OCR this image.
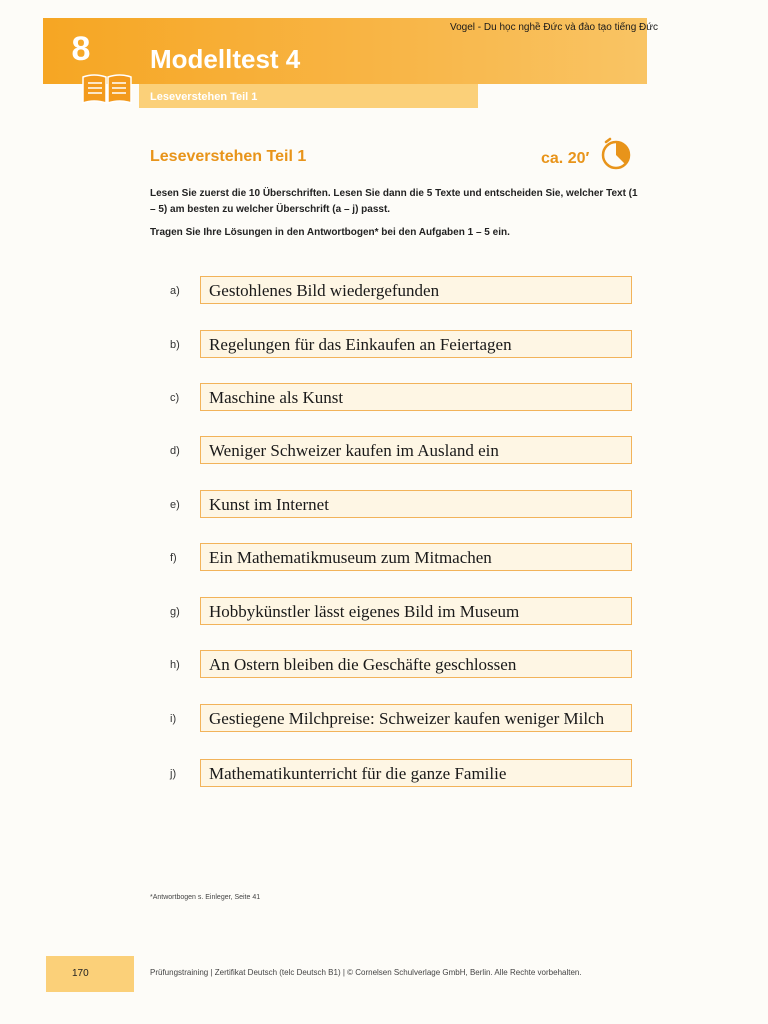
8 Modelltest 4
Vogel - Du học nghề Đức và đào tạo tiếng Đức
Leseverstehen Teil 1
Leseverstehen Teil 1	ca. 20′

Lesen Sie zuerst die 10 Überschriften. Lesen Sie dann die 5 Texte und entscheiden Sie, welcher Text (1 – 5) am besten zu welcher Überschrift (a – j) passt.

Tragen Sie Ihre Lösungen in den Antwortbogen* bei den Aufgaben 1 – 5 ein.

a) Gestohlenes Bild wiedergefunden
b) Regelungen für das Einkaufen an Feiertagen
c) Maschine als Kunst
d) Weniger Schweizer kaufen im Ausland ein
e) Kunst im Internet
f) Ein Mathematikmuseum zum Mitmachen
g) Hobbykünstler lässt eigenes Bild im Museum
h) An Ostern bleiben die Geschäfte geschlossen
i) Gestiegene Milchpreise: Schweizer kaufen weniger Milch
j) Mathematikunterricht für die ganze Familie
*Antwortbogen s. Einleger, Seite 41
170	Prüfungstraining | Zertifikat Deutsch (telc Deutsch B1) | © Cornelsen Schulverlage GmbH, Berlin. Alle Rechte vorbehalten.
